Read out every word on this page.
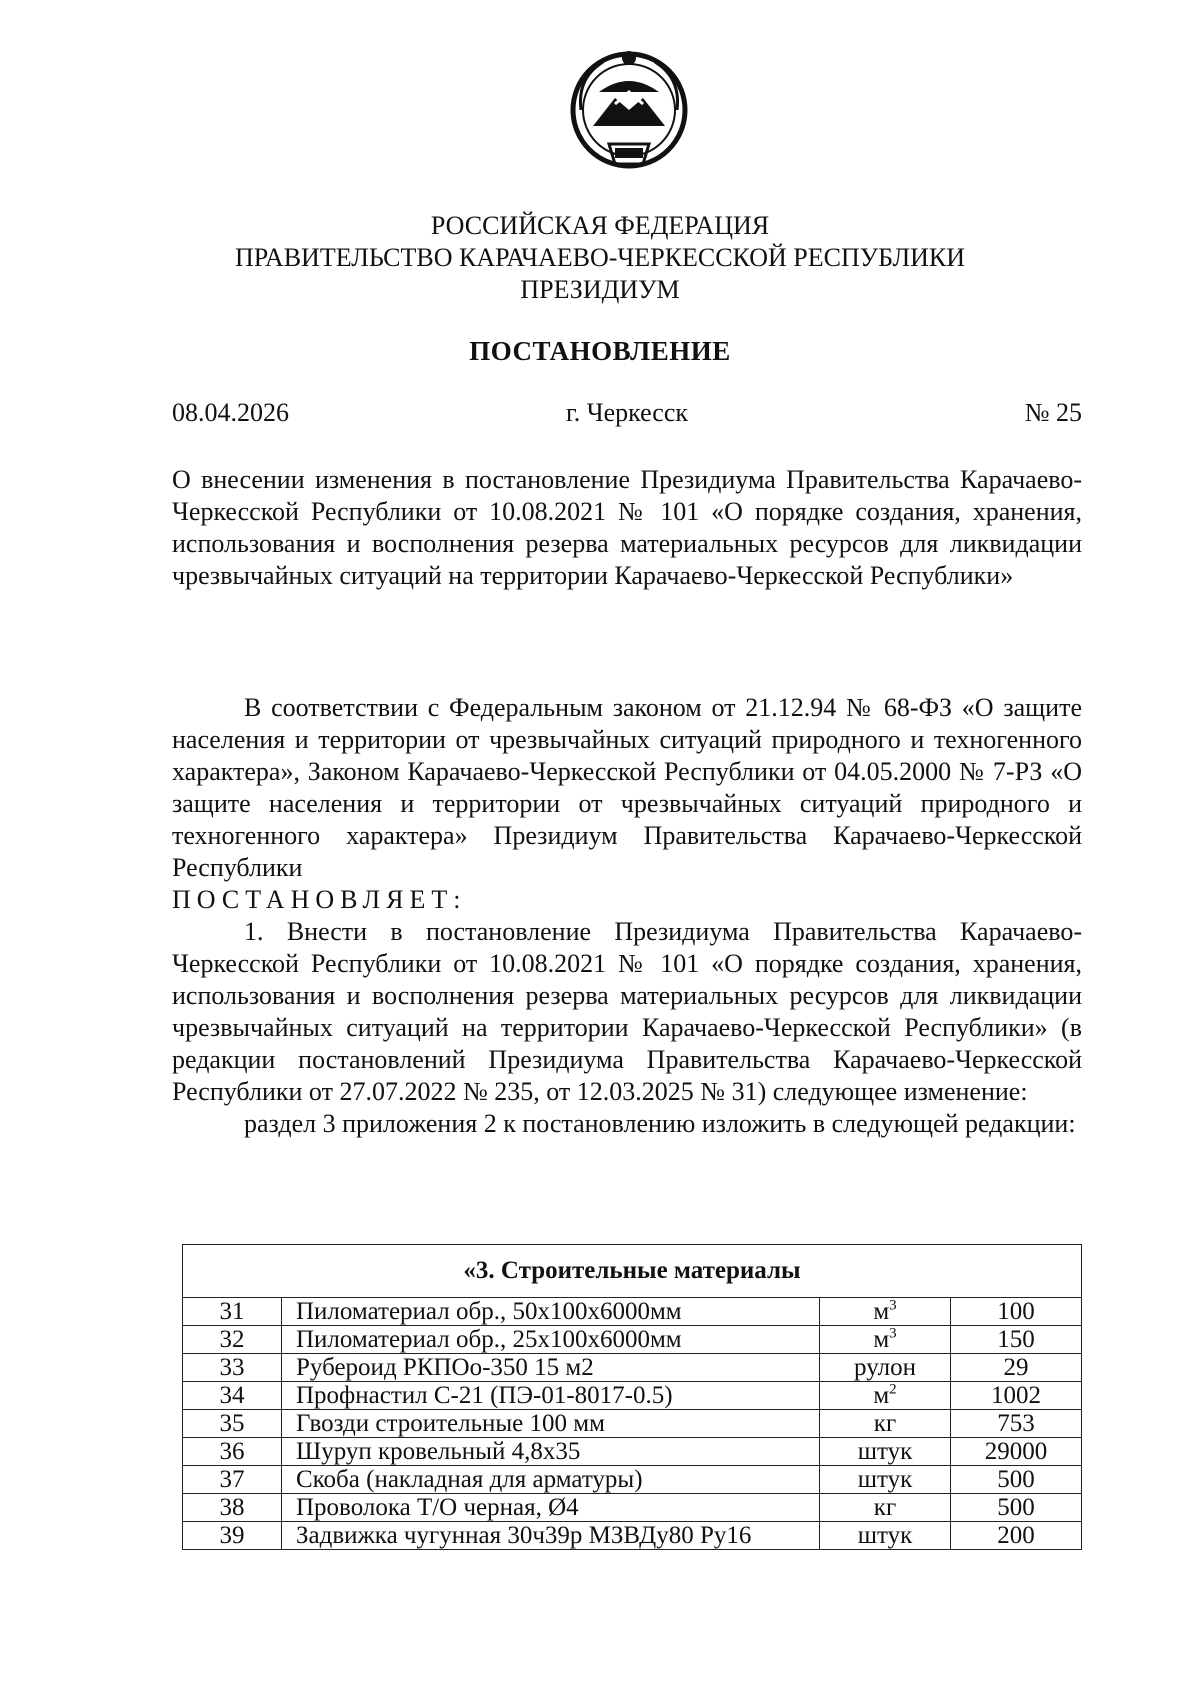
РОССИЙСКАЯ ФЕДЕРАЦИЯ
ПРАВИТЕЛЬСТВО КАРАЧАЕВО-ЧЕРКЕССКОЙ РЕСПУБЛИКИ
ПРЕЗИДИУМ
ПОСТАНОВЛЕНИЕ
08.04.2026	г. Черкесск	№ 25
О внесении изменения в постановление Президиума Правительства Карачаево-Черкесской Республики от 10.08.2021 № 101 «О порядке создания, хранения, использования и восполнения резерва материальных ресурсов для ликвидации чрезвычайных ситуаций на территории Карачаево-Черкесской Республики»

В соответствии с Федеральным законом от 21.12.94 № 68-ФЗ «О защите населения и территории от чрезвычайных ситуаций природного и техногенного характера», Законом Карачаево-Черкесской Республики от 04.05.2000 № 7-РЗ «О защите населения и территории от чрезвычайных ситуаций природного и техногенного характера» Президиум Правительства Карачаево-Черкесской Республики

ПОСТАНОВЛЯЕТ:

1. Внести в постановление Президиума Правительства Карачаево-Черкесской Республики от 10.08.2021 № 101 «О порядке создания, хранения, использования и восполнения резерва материальных ресурсов для ликвидации чрезвычайных ситуаций на территории Карачаево-Черкесской Республики» (в редакции постановлений Президиума Правительства Карачаево-Черкесской Республики от 27.07.2022 № 235, от 12.03.2025 № 31) следующее изменение:

раздел 3 приложения 2 к постановлению изложить в следующей редакции:

«3. Строительные материалы			
31	Пиломатериал обр., 50х100х6000мм	$м^3$	100
32	Пиломатериал обр., 25х100х6000мм	$м^3$	150
33	Рубероид РКПОо-350 15 м2	рулон	29
34	Профнастил С-21 (ПЭ-01-8017-0.5)	$м^2$	1002
35	Гвозди строительные 100 мм	кг	753
36	Шуруп кровельный 4,8х35	штук	29000
37	Скоба (накладная для арматуры)	штук	500
38	Проволока Т/О черная, Ø4	кг	500
39	Задвижка чугунная 30ч39р МЗВДу80 Ру16	штук	200
